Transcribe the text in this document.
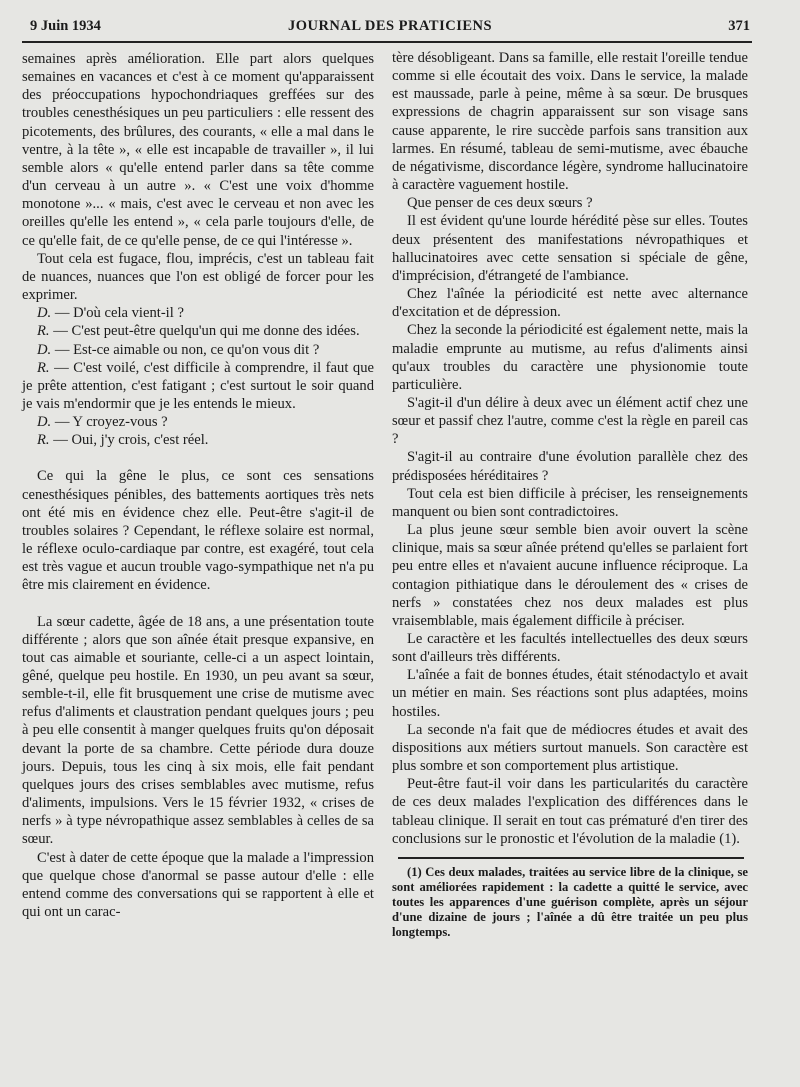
9 Juin 1934	JOURNAL DES PRATICIENS	371

semaines après amélioration. Elle part alors quelques semaines en vacances et c'est à ce moment qu'apparaissent des préoccupations hypochondriaques greffées sur des troubles cenesthésiques un peu particuliers : elle ressent des picotements, des brûlures, des courants, « elle a mal dans le ventre, à la tête », « elle est incapable de travailler », il lui semble alors « qu'elle entend parler dans sa tête comme d'un cerveau à un autre ». « C'est une voix d'homme monotone »... « mais, c'est avec le cerveau et non avec les oreilles qu'elle les entend », « cela parle toujours d'elle, de ce qu'elle fait, de ce qu'elle pense, de ce qui l'intéresse ».

Tout cela est fugace, flou, imprécis, c'est un tableau fait de nuances, nuances que l'on est obligé de forcer pour les exprimer.

D. — D'où cela vient-il ?

R. — C'est peut-être quelqu'un qui me donne des idées.

D. — Est-ce aimable ou non, ce qu'on vous dit ?

R. — C'est voilé, c'est difficile à comprendre, il faut que je prête attention, c'est fatigant ; c'est surtout le soir quand je vais m'endormir que je les entends le mieux.

D. — Y croyez-vous ?

R. — Oui, j'y crois, c'est réel.

Ce qui la gêne le plus, ce sont ces sensations cenesthésiques pénibles, des battements aortiques très nets ont été mis en évidence chez elle. Peut-être s'agit-il de troubles solaires ? Cependant, le réflexe solaire est normal, le réflexe oculo-cardiaque par contre, est exagéré, tout cela est très vague et aucun trouble vago-sympathique net n'a pu être mis clairement en évidence.

La sœur cadette, âgée de 18 ans, a une présentation toute différente ; alors que son aînée était presque expansive, en tout cas aimable et souriante, celle-ci a un aspect lointain, gêné, quelque peu hostile. En 1930, un peu avant sa sœur, semble-t-il, elle fit brusquement une crise de mutisme avec refus d'aliments et claustration pendant quelques jours ; peu à peu elle consentit à manger quelques fruits qu'on déposait devant la porte de sa chambre. Cette période dura douze jours. Depuis, tous les cinq à six mois, elle fait pendant quelques jours des crises semblables avec mutisme, refus d'aliments, impulsions. Vers le 15 février 1932, « crises de nerfs » à type névropathique assez semblables à celles de sa sœur.

C'est à dater de cette époque que la malade a l'impression que quelque chose d'anormal se passe autour d'elle : elle entend comme des conversations qui se rapportent à elle et qui ont un carac-

tère désobligeant. Dans sa famille, elle restait l'oreille tendue comme si elle écoutait des voix. Dans le service, la malade est maussade, parle à peine, même à sa sœur. De brusques expressions de chagrin apparaissent sur son visage sans cause apparente, le rire succède parfois sans transition aux larmes. En résumé, tableau de semi-mutisme, avec ébauche de négativisme, discordance légère, syndrome hallucinatoire à caractère vaguement hostile.

Que penser de ces deux sœurs ?

Il est évident qu'une lourde hérédité pèse sur elles. Toutes deux présentent des manifestations névropathiques et hallucinatoires avec cette sensation si spéciale de gêne, d'imprécision, d'étrangeté de l'ambiance.

Chez l'aînée la périodicité est nette avec alternance d'excitation et de dépression.

Chez la seconde la périodicité est également nette, mais la maladie emprunte au mutisme, au refus d'aliments ainsi qu'aux troubles du caractère une physionomie toute particulière.

S'agit-il d'un délire à deux avec un élément actif chez une sœur et passif chez l'autre, comme c'est la règle en pareil cas ?

S'agit-il au contraire d'une évolution parallèle chez des prédisposées héréditaires ?

Tout cela est bien difficile à préciser, les renseignements manquent ou bien sont contradictoires.

La plus jeune sœur semble bien avoir ouvert la scène clinique, mais sa sœur aînée prétend qu'elles se parlaient fort peu entre elles et n'avaient aucune influence réciproque. La contagion pithiatique dans le déroulement des « crises de nerfs » constatées chez nos deux malades est plus vraisemblable, mais également difficile à préciser.

Le caractère et les facultés intellectuelles des deux sœurs sont d'ailleurs très différents.

L'aînée a fait de bonnes études, était sténodactylo et avait un métier en main. Ses réactions sont plus adaptées, moins hostiles.

La seconde n'a fait que de médiocres études et avait des dispositions aux métiers surtout manuels. Son caractère est plus sombre et son comportement plus artistique.

Peut-être faut-il voir dans les particularités du caractère de ces deux malades l'explication des différences dans le tableau clinique. Il serait en tout cas prématuré d'en tirer des conclusions sur le pronostic et l'évolution de la maladie (1).

(1) Ces deux malades, traitées au service libre de la clinique, se sont améliorées rapidement : la cadette a quitté le service, avec toutes les apparences d'une guérison complète, après un séjour d'une dizaine de jours ; l'aînée a dû être traitée un peu plus longtemps.
